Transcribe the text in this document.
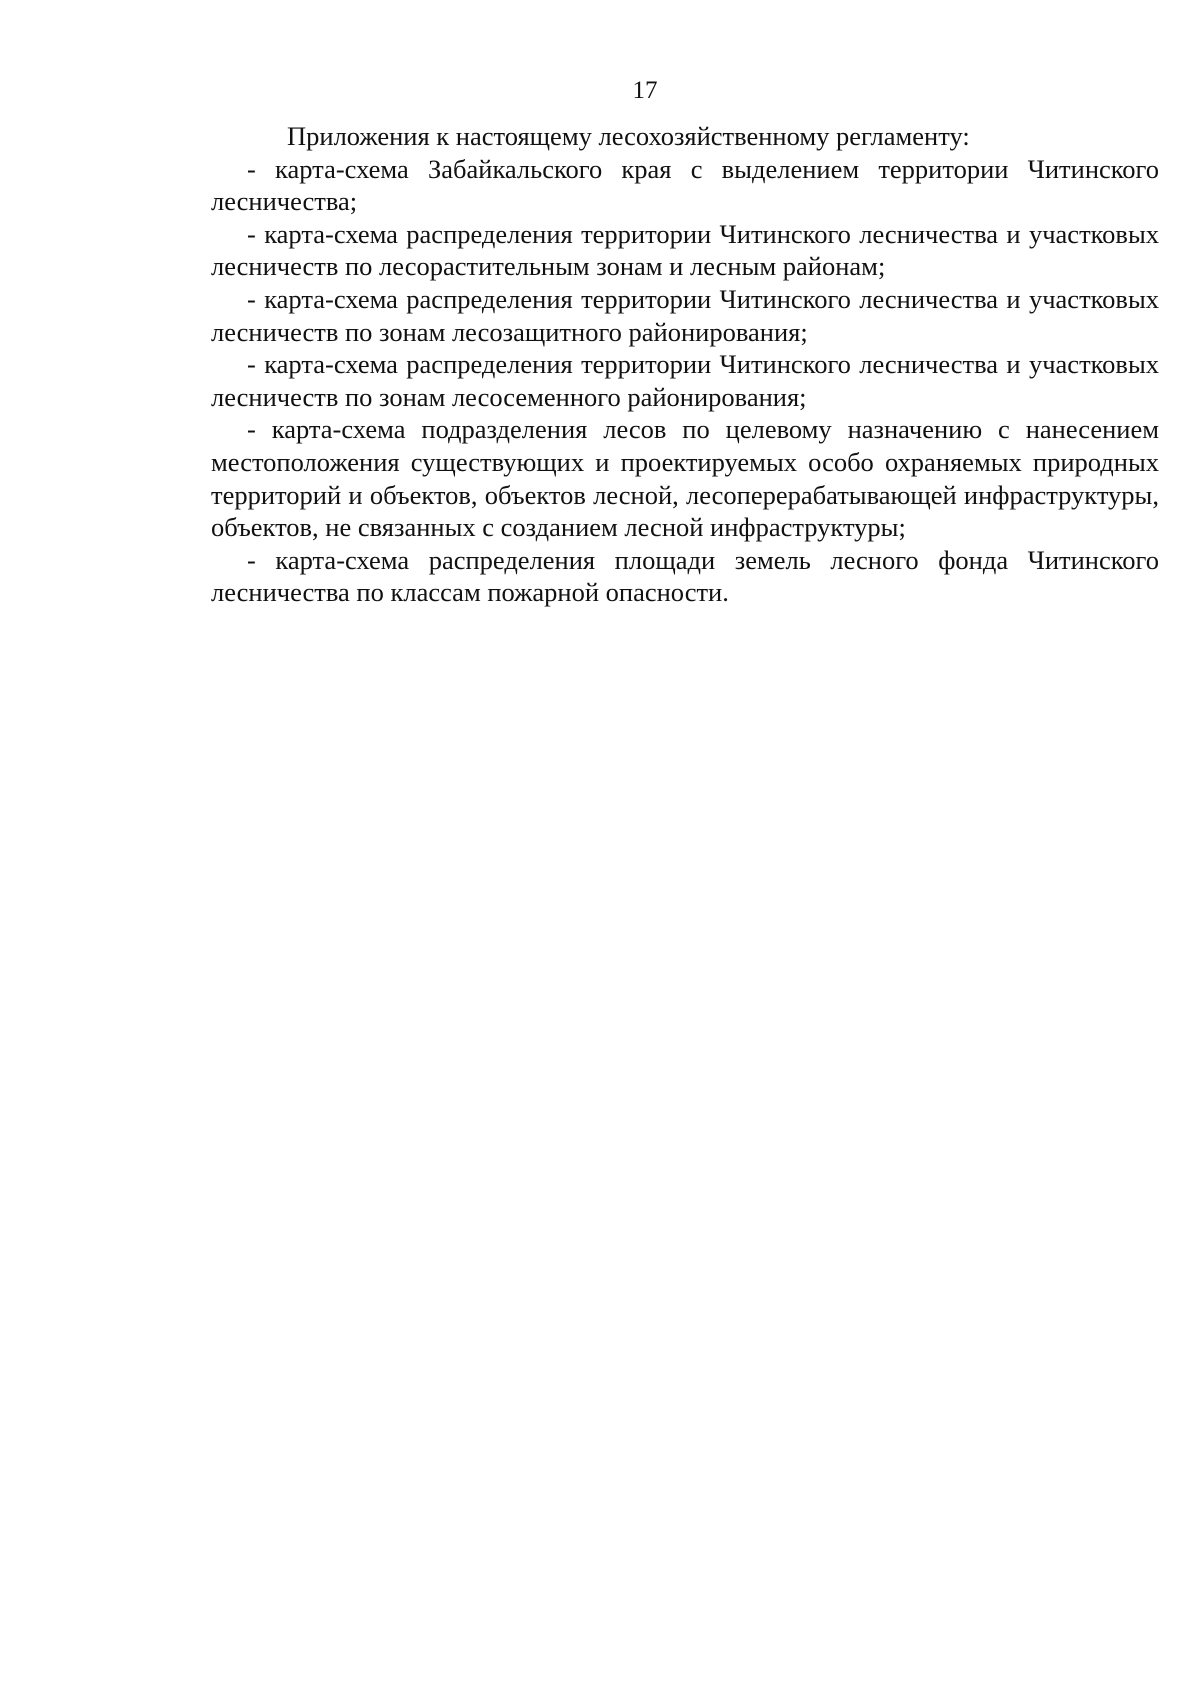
17

Приложения к настоящему лесохозяйственному регламенту:

- карта-схема Забайкальского края с выделением территории Читинского лесничества;

- карта-схема распределения территории Читинского лесничества и участковых лесничеств по лесорастительным зонам и лесным районам;

- карта-схема распределения территории Читинского лесничества и участковых лесничеств по зонам лесозащитного районирования;

- карта-схема распределения территории Читинского лесничества и участковых лесничеств по зонам лесосеменного районирования;

- карта-схема подразделения лесов по целевому назначению с нанесением местоположения существующих и проектируемых особо охраняемых природных территорий и объектов, объектов лесной, лесоперерабатывающей инфраструктуры, объектов, не связанных с созданием лесной инфраструктуры;

- карта-схема распределения площади земель лесного фонда Читинского лесничества по классам пожарной опасности.
